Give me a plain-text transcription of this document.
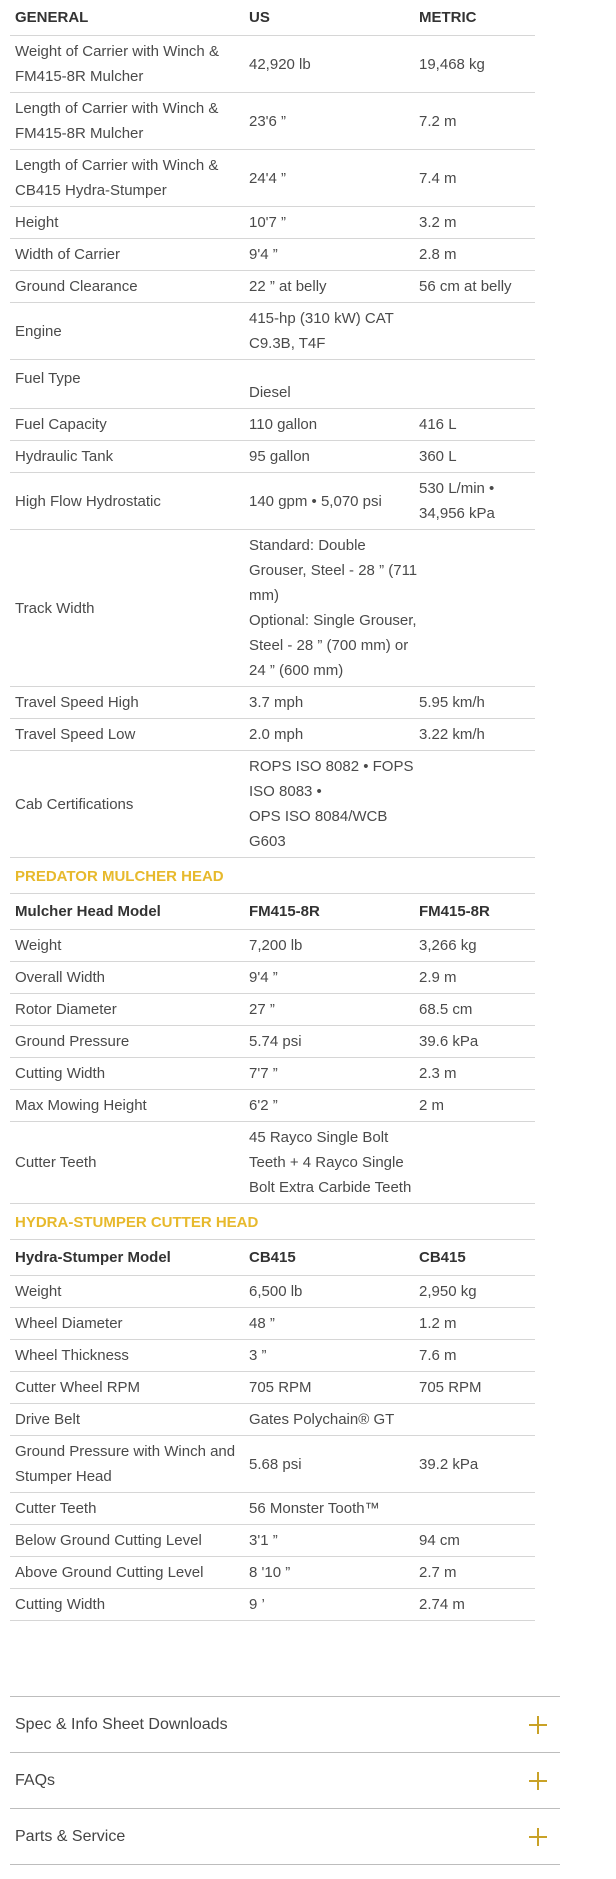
GENERAL	US	METRIC
Weight of Carrier with Winch & FM415-8R Mulcher	42,920 lb	19,468 kg
Length of Carrier with Winch & FM415-8R Mulcher	23'6 ”	7.2 m
Length of Carrier with Winch & CB415 Hydra-Stumper	24'4 ”	7.4 m
Height	10'7 ”	3.2 m
Width of Carrier	9'4 ”	2.8 m
Ground Clearance	22 ” at belly	56 cm at belly
Engine	415-hp (310 kW) CAT C9.3B, T4F	
Fuel Type	Diesel	
Fuel Capacity	110 gallon	416 L
Hydraulic Tank	95 gallon	360 L
High Flow Hydrostatic	140 gpm • 5,070 psi	530 L/min • 34,956 kPa
Track Width	Standard: Double Grouser, Steel - 28 ” (711 mm)
Optional: Single Grouser, Steel - 28 ” (700 mm) or 24 ” (600 mm)	
Travel Speed High	3.7 mph	5.95 km/h
Travel Speed Low	2.0 mph	3.22 km/h
Cab Certifications	ROPS ISO 8082 • FOPS ISO 8083 •
OPS ISO 8084/WCB G603	
PREDATOR MULCHER HEAD		
Mulcher Head Model	FM415-8R	FM415-8R
Weight	7,200 lb	3,266 kg
Overall Width	9'4 ”	2.9 m
Rotor Diameter	27 ”	68.5 cm
Ground Pressure	5.74 psi	39.6 kPa
Cutting Width	7'7 ”	2.3 m
Max Mowing Height	6'2 ”	2 m
Cutter Teeth	45 Rayco Single Bolt Teeth + 4 Rayco Single Bolt Extra Carbide Teeth	
HYDRA-STUMPER CUTTER HEAD		
Hydra-Stumper Model	CB415	CB415
Weight	6,500 lb	2,950 kg
Wheel Diameter	48 ”	1.2 m
Wheel Thickness	3 ”	7.6 m
Cutter Wheel RPM	705 RPM	705 RPM
Drive Belt	Gates Polychain® GT	
Ground Pressure with Winch and Stumper Head	5.68 psi	39.2 kPa
Cutter Teeth	56 Monster Tooth™	
Below Ground Cutting Level	3'1 ”	94 cm
Above Ground Cutting Level	8 '10 ”	2.7 m
Cutting Width	9 ’	2.74 m
Spec & Info Sheet Downloads
FAQs
Parts & Service
